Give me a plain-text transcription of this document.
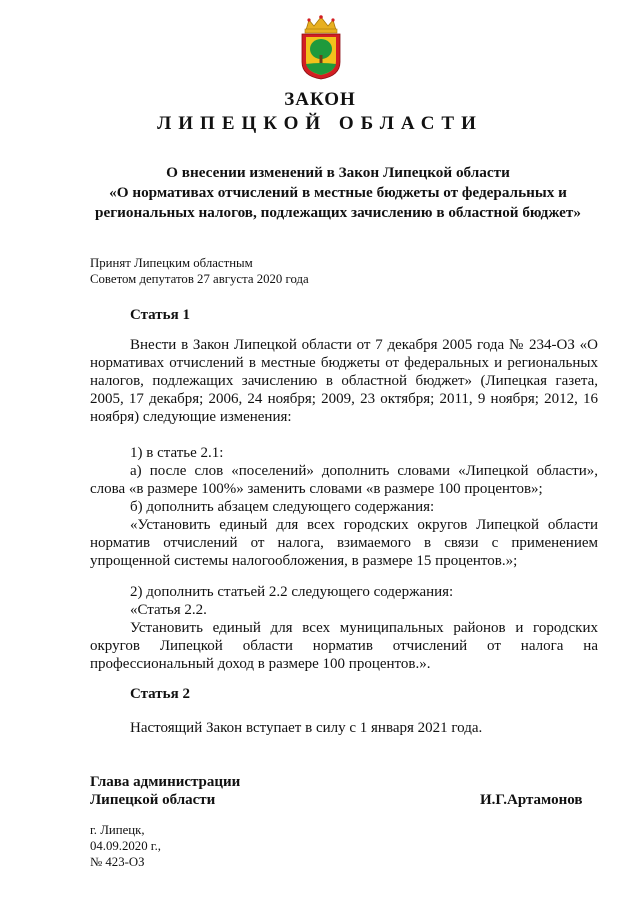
ЗАКОН
ЛИПЕЦКОЙ ОБЛАСТИ
О внесении изменений в Закон Липецкой области
«О нормативах отчислений в местные бюджеты от федеральных и региональных налогов, подлежащих зачислению в областной бюджет»
Принят Липецким областным
Советом депутатов 27 августа 2020 года
Статья 1
Внести в Закон Липецкой области от 7 декабря 2005 года № 234-ОЗ «О нормативах отчислений в местные бюджеты от федеральных и региональных налогов, подлежащих зачислению в областной бюджет» (Липецкая газета, 2005, 17 декабря; 2006, 24 ноября; 2009, 23 октября; 2011, 9 ноября; 2012, 16 ноября) следующие изменения:
1) в статье 2.1:
а) после слов «поселений» дополнить словами «Липецкой области», слова «в размере 100%» заменить словами «в размере 100 процентов»;
б) дополнить абзацем следующего содержания:
«Установить единый для всех городских округов Липецкой области норматив отчислений от налога, взимаемого в связи с применением упрощенной системы налогообложения, в размере 15 процентов.»;
2) дополнить статьей 2.2 следующего содержания:
«Статья 2.2.
Установить единый для всех муниципальных районов и городских округов Липецкой области норматив отчислений от налога на профессиональный доход в размере 100 процентов.».
Статья 2
Настоящий Закон вступает в силу с 1 января 2021 года.
Глава администрации
Липецкой области	И.Г.Артамонов
г. Липецк,
04.09.2020 г.,
№ 423-ОЗ
